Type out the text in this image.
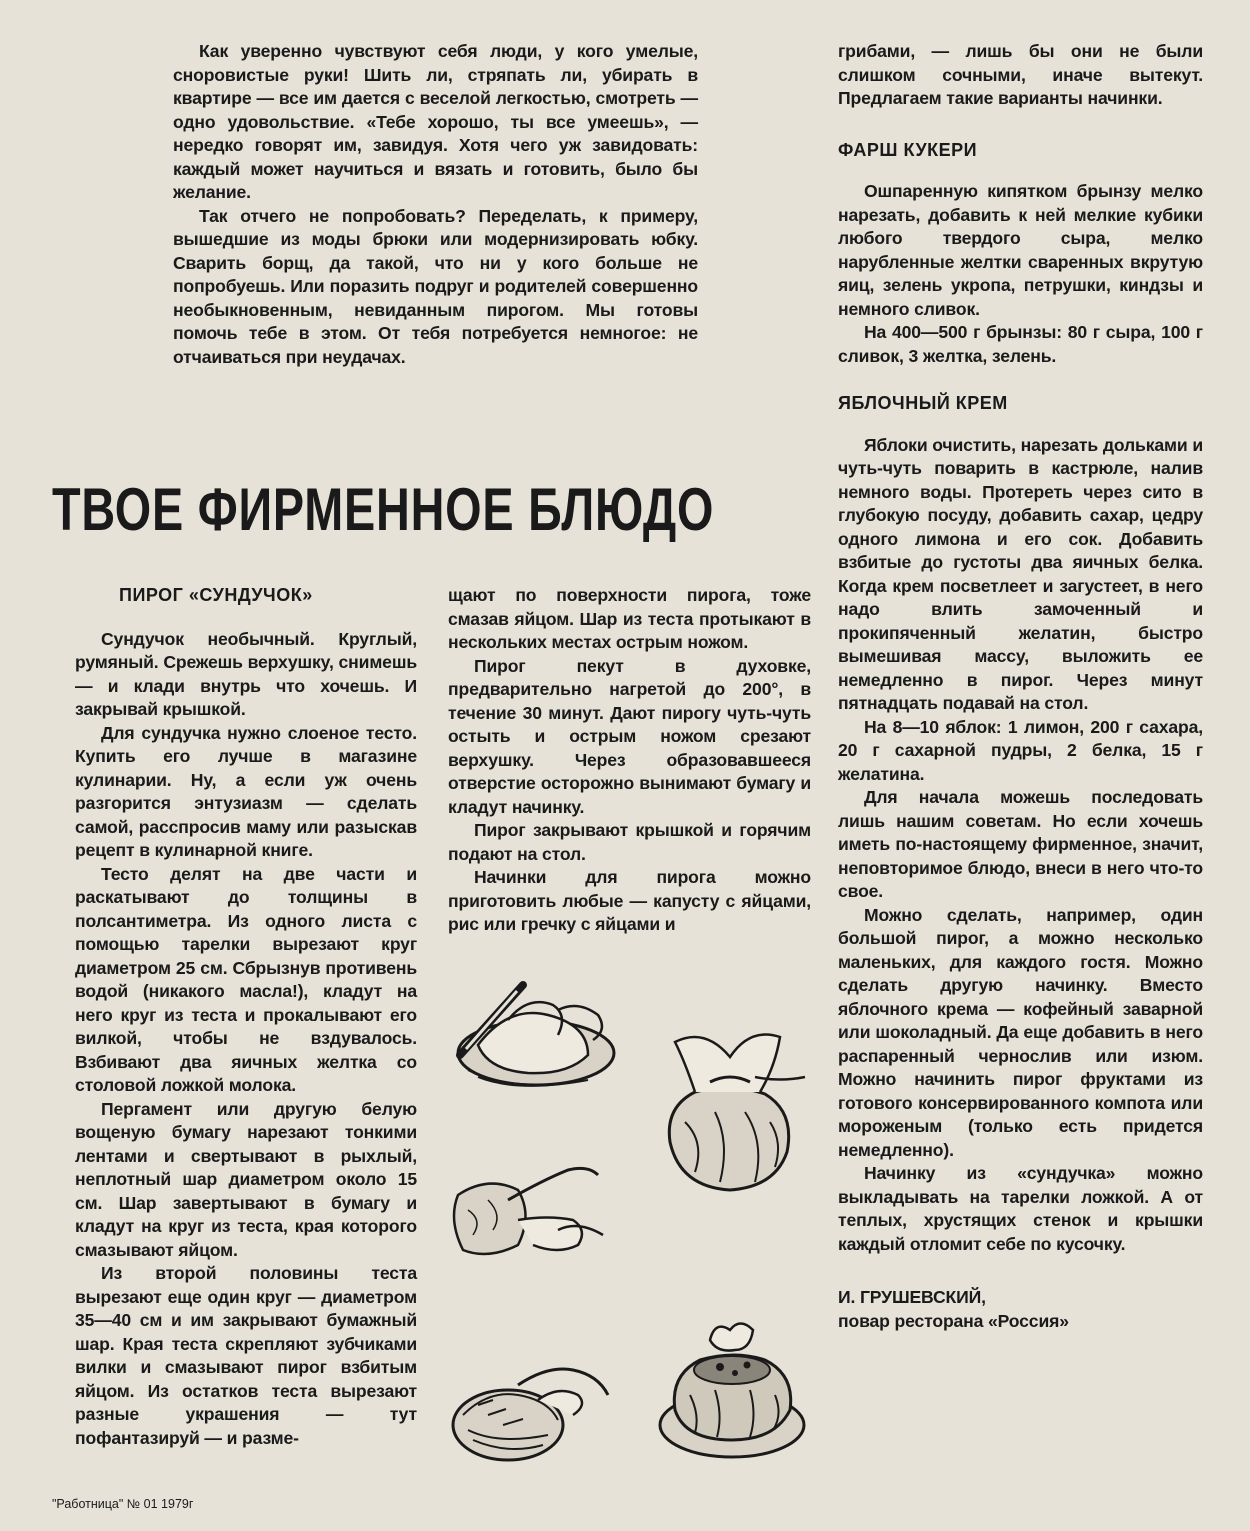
Как уверенно чувствуют себя люди, у кого умелые, сноровистые руки! Шить ли, стряпать ли, убирать в квартире — все им дается с веселой легкостью, смотреть — одно удовольствие. «Тебе хорошо, ты все умеешь», — нередко говорят им, завидуя. Хотя чего уж завидовать: каждый может научиться и вязать и готовить, было бы желание.

Так отчего не попробовать? Переделать, к примеру, вышедшие из моды брюки или модернизировать юбку. Сварить борщ, да такой, что ни у кого больше не попробуешь. Или поразить подруг и родителей совершенно необыкновенным, невиданным пирогом. Мы готовы помочь тебе в этом. От тебя потребуется немногое: не отчаиваться при неудачах.

грибами, — лишь бы они не были слишком сочными, иначе вытекут. Предлагаем такие варианты начинки.

ФАРШ КУКЕРИ

Ошпаренную кипятком брынзу мелко нарезать, добавить к ней мелкие кубики любого твердого сыра, мелко нарубленные желтки сваренных вкрутую яиц, зелень укропа, петрушки, киндзы и немного сливок.

На 400—500 г брынзы: 80 г сыра, 100 г сливок, 3 желтка, зелень.

ЯБЛОЧНЫЙ КРЕМ

Яблоки очистить, нарезать дольками и чуть-чуть поварить в кастрюле, налив немного воды. Протереть через сито в глубокую посуду, добавить сахар, цедру одного лимона и его сок. Добавить взбитые до густоты два яичных белка. Когда крем посветлеет и загустеет, в него надо влить замоченный и прокипяченный желатин, быстро вымешивая массу, выложить ее немедленно в пирог. Через минут пятнадцать подавай на стол.

На 8—10 яблок: 1 лимон, 200 г сахара, 20 г сахарной пудры, 2 белка, 15 г желатина.

Для начала можешь последовать лишь нашим советам. Но если хочешь иметь по-настоящему фирменное, значит, неповторимое блюдо, внеси в него что-то свое.

Можно сделать, например, один большой пирог, а можно несколько маленьких, для каждого гостя. Можно сделать другую начинку. Вместо яблочного крема — кофейный заварной или шоколадный. Да еще добавить в него распаренный чернослив или изюм. Можно начинить пирог фруктами из готового консервированного компота или мороженым (только есть придется немедленно).

Начинку из «сундучка» можно выкладывать на тарелки ложкой. А от теплых, хрустящих стенок и крышки каждый отломит себе по кусочку.

И. ГРУШЕВСКИЙ,

повар ресторана «Россия»

ТВОЕ ФИРМЕННОЕ БЛЮДО

ПИРОГ «СУНДУЧОК»

Сундучок необычный. Круглый, румяный. Срежешь верхушку, снимешь — и клади внутрь что хочешь. И закрывай крышкой.

Для сундучка нужно слоеное тесто. Купить его лучше в магазине кулинарии. Ну, а если уж очень разгорится энтузиазм — сделать самой, расспросив маму или разыскав рецепт в кулинарной книге.

Тесто делят на две части и раскатывают до толщины в полсантиметра. Из одного листа с помощью тарелки вырезают круг диаметром 25 см. Сбрызнув противень водой (никакого масла!), кладут на него круг из теста и прокалывают его вилкой, чтобы не вздувалось. Взбивают два яичных желтка со столовой ложкой молока.

Пергамент или другую белую вощеную бумагу нарезают тонкими лентами и свертывают в рыхлый, неплотный шар диаметром около 15 см. Шар завертывают в бумагу и кладут на круг из теста, края которого смазывают яйцом.

Из второй половины теста вырезают еще один круг — диаметром 35—40 см и им закрывают бумажный шар. Края теста скрепляют зубчиками вилки и смазывают пирог взбитым яйцом. Из остатков теста вырезают разные украшения — тут пофантазируй — и разме-

щают по поверхности пирога, тоже смазав яйцом. Шар из теста протыкают в нескольких местах острым ножом.

Пирог пекут в духовке, предварительно нагретой до 200°, в течение 30 минут. Дают пирогу чуть-чуть остыть и острым ножом срезают верхушку. Через образовавшееся отверстие осторожно вынимают бумагу и кладут начинку.

Пирог закрывают крышкой и горячим подают на стол.

Начинки для пирога можно приготовить любые — капусту с яйцами, рис или гречку с яйцами и

"Работница" № 01 1979г
